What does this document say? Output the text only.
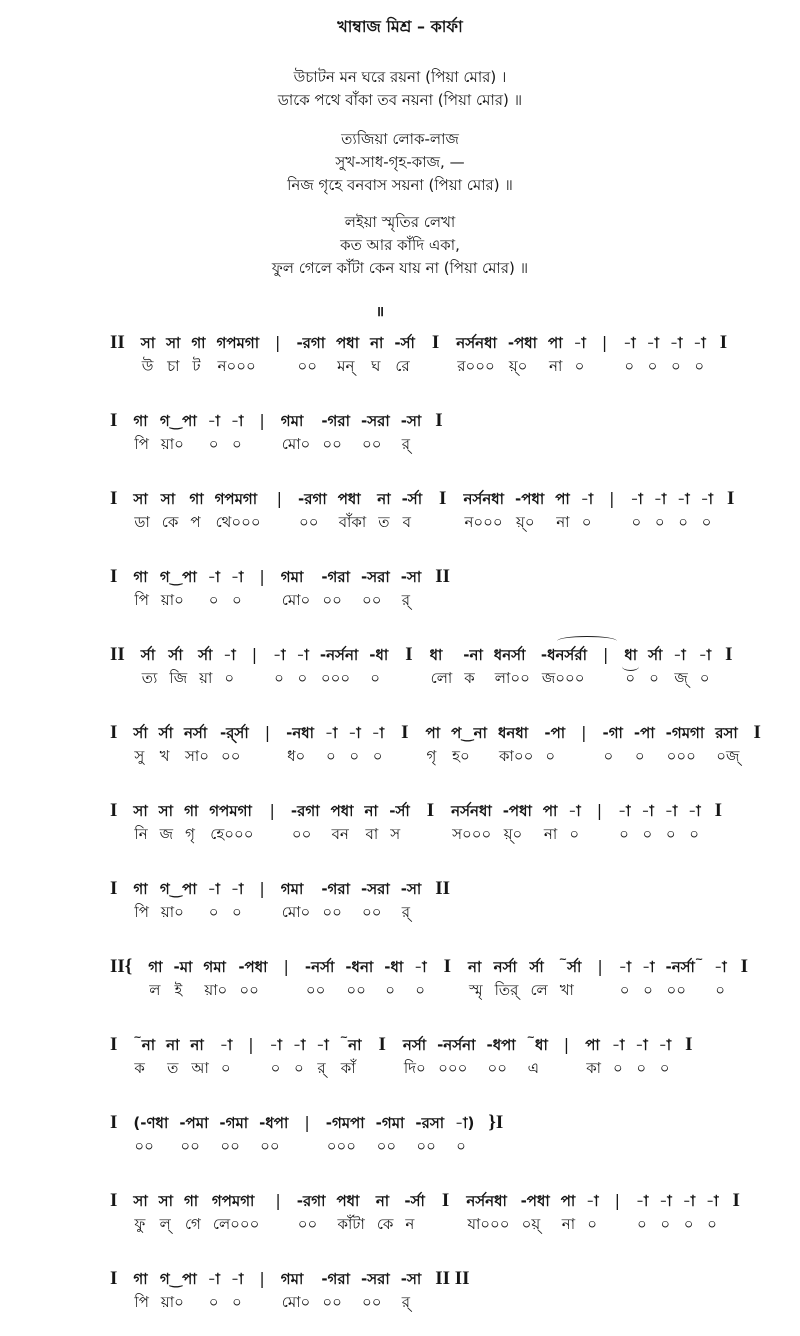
খাম্বাজ মিশ্র – কার্ফা
উচাটন মন ঘরে রয়না (পিয়া মোর) ।
ডাকে পথে বাঁকা তব নয়না (পিয়া মোর) ॥
ত্যজিয়া লোক-লাজ
সুখ-সাধ-গৃহ-কাজ, —
নিজ গৃহে বনবাস সয়না (পিয়া মোর) ॥
লইয়া স্মৃতির লেখা
কত আর কাঁদি একা,
ফুল গেলে কাঁটা কেন যায় না (পিয়া মোর) ॥
॥
II সা
উ
সা
চা
গা
ট
গপমগা
ন০০০
| -রগা
০০
পধা
মন্
না
ঘ
-র্সা
রে
I নর্সনধা
র০০০
-পধা
য়্০
পা
না
-া
০
| -া
০
-া
০
-া
০
-া
০
I
I গা
পি
গ‿পা
য়া০
-া
০
-া
০
| গমা
মো০
-গরা
০০
-সরা
০০
-সা
র্
I
I সা
ডা
সা
কে
গা
প
গপমগা
থে০০০
| -রগা
০০
পধা
বাঁকা
না
ত
-র্সা
ব
I নর্সনধা
ন০০০
-পধা
য়্০
পা
না
-া
০
| -া
০
-া
০
-া
০
-া
০
I
I গা
পি
গ‿পা
য়া০
-া
০
-া
০
| গমা
মো০
-গরা
০০
-সরা
০০
-সা
র্
II
II র্সা
ত্য
র্সা
জি
র্সা
য়া
-া
০
| -া
০
-া
০
-নর্সনা
০০০
-ধা
০
I ধা
লো
-না
ক
ধনর্সা
লা০০
-ধনর্সর্রা
জ০০০
| ধা
০
র্সা
০
-া
জ্
-া
০
I
I র্সা
সু
র্সা
খ
নর্সা
সা০
-র্র্সা
০০
| -নধা
ধ০
-া
০
-া
০
-া
০
I পা
গৃ
প‿না
হ০
ধনধা
কা০০
-পা
০
| -গা
০
-পা
০
-গমগা
০০০
রসা
০জ্
I
I সা
নি
সা
জ
গা
গৃ
গপমগা
হে০০০
| -রগা
০০
পধা
বন
না
বা
-র্সা
স
I নর্সনধা
স০০০
-পধা
য়্০
পা
না
-া
০
| -া
০
-া
০
-া
০
-া
০
I
I গা
পি
গ‿পা
য়া০
-া
০
-া
০
| গমা
মো০
-গরা
০০
-সরা
০০
-সা
র্
II
II{ গা
ল
-মা
ই
গমা
য়া০
-পধা
০০
| -নর্সা
০০
-ধনা
০০
-ধা
০
-া
০
I না
স্মৃ
নর্সা
তির্
র্সা
লে
~র্সা
খা
| -া
০
-া
০
-নর্সা~
০০
-া
০
I
I ~না
ক
না
ত
না
আ
-া
০
| -া
০
-া
০
-া
র্
~না
কাঁ
I নর্সা
দি০
-নর্সনা
০০০
-ধপা
০০
~ধা
এ
| পা
কা
-া
০
-া
০
-া
০
I
I (-ণধা
০০
-পমা
০০
-গমা
০০
-ধপা
০০
| -গমপা
০০০
-গমা
০০
-রসা
০০
-া)
০
}I
I সা
ফু
সা
ল্
গা
গে
গপমগা
লে০০০
| -রগা
০০
পধা
কাঁটা
না
কে
-র্সা
ন
I নর্সনধা
যা০০০
-পধা
০য়্
পা
না
-া
০
| -া
০
-া
০
-া
০
-া
০
I
I গা
পি
গ‿পা
য়া০
-া
০
-া
০
| গমা
মো০
-গরা
০০
-সরা
০০
-সা
র্
II II
